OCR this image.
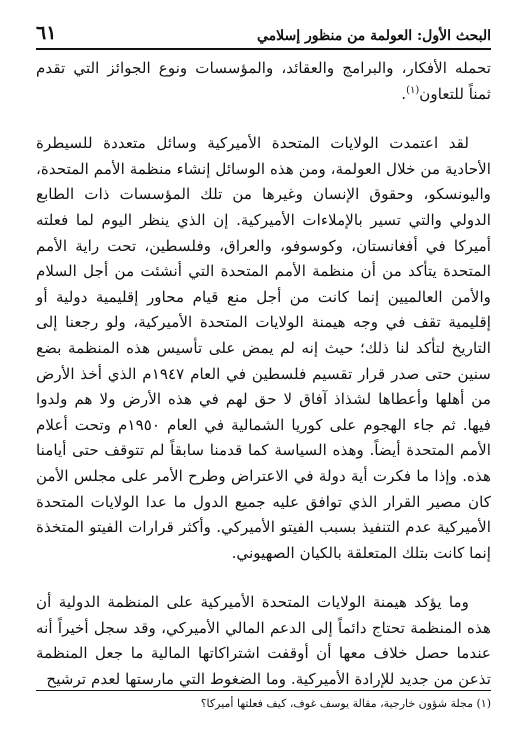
البحث الأول: العولمة من منظور إسلامي
٦١

تحمله الأفكار، والبرامج والعقائد، والمؤسسات ونوع الجوائز التي تقدم ثمناً للتعاون$^{(١)}$.

لقد اعتمدت الولايات المتحدة الأميركية وسائل متعددة للسيطرة الأحادية من خلال العولمة، ومن هذه الوسائل إنشاء منظمة الأمم المتحدة، واليونسكو، وحقوق الإنسان وغيرها من تلك المؤسسات ذات الطابع الدولي والتي تسير بالإملاءات الأميركية. إن الذي ينظر اليوم لما فعلته أميركا في أفغانستان، وكوسوفو، والعراق، وفلسطين، تحت راية الأمم المتحدة يتأكد من أن منظمة الأمم المتحدة التي أنشئت من أجل السلام والأمن العالميين إنما كانت من أجل منع قيام محاور إقليمية دولية أو إقليمية تقف في وجه هيمنة الولايات المتحدة الأميركية، ولو رجعنا إلى التاريخ لتأكد لنا ذلك؛ حيث إنه لم يمض على تأسيس هذه المنظمة بضع سنين حتى صدر قرار تقسيم فلسطين في العام ١٩٤٧م الذي أخذ الأرض من أهلها وأعطاها لشذاذ آفاق لا حق لهم في هذه الأرض ولا هم ولدوا فيها. ثم جاء الهجوم على كوريا الشمالية في العام ١٩٥٠م وتحت أعلام الأمم المتحدة أيضاً. وهذه السياسة كما قدمنا سابقاً لم تتوقف حتى أيامنا هذه. وإذا ما فكرت أية دولة في الاعتراض وطرح الأمر على مجلس الأمن كان مصير القرار الذي توافق عليه جميع الدول ما عدا الولايات المتحدة الأميركية عدم التنفيذ بسبب الفيتو الأميركي. وأكثر قرارات الفيتو المتخذة إنما كانت بتلك المتعلقة بالكيان الصهيوني.

وما يؤكد هيمنة الولايات المتحدة الأميركية على المنظمة الدولية أن هذه المنظمة تحتاج دائماً إلى الدعم المالي الأميركي، وقد سجل أخيراً أنه عندما حصل خلاف معها أن أوقفت اشتراكاتها المالية ما جعل المنظمة تذعن من جديد للإرادة الأميركية. وما الضغوط التي مارستها لعدم ترشيح

(١) مجلة شؤون خارجية، مقالة يوسف غوف، كيف فعلتها أميركا؟
